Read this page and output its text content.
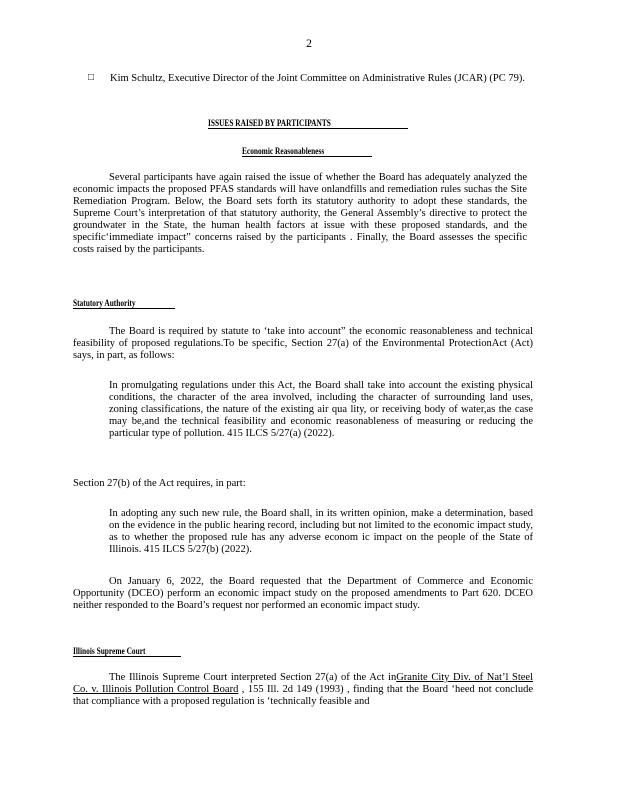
2
□ Kim Schultz, Executive Director of the Joint Committee on Administrative Rules (JCAR) (PC 79).
ISSUES RAISED BY PARTICIPANTS
Economic Reasonableness
Several participants have again raised the issue of whether the Board has adequately analyzed the economic impacts the proposed PFAS standards will have onlandfills and remediation rules suchas the Site Remediation Program. Below, the Board sets forth its statutory authority to adopt these standards, the Supreme Court’s interpretation of that statutory authority, the General Assembly’s directive to protect the groundwater in the State, the human health factors at issue with these proposed standards, and the specific‘immediate impact” concerns raised by the participants . Finally, the Board assesses the specific costs raised by the participants.
Statutory Authority
The Board is required by statute to ‘take into account” the economic reasonableness and technical feasibility of proposed regulations.To be specific, Section 27(a) of the Environmental ProtectionAct (Act) says, in part, as follows:
In promulgating regulations under this Act, the Board shall take into account the existing physical conditions, the character of the area involved, including the character of surrounding land uses, zoning classifications, the nature of the existing air qua lity, or receiving body of water,as the case may be,and the technical feasibility and economic reasonableness of measuring or reducing the particular type of pollution. 415 ILCS 5/27(a) (2022).
Section 27(b) of the Act requires, in part:
In adopting any such new rule, the Board shall, in its written opinion, make a determination, based on the evidence in the public hearing record, including but not limited to the economic impact study, as to whether the proposed rule has any adverse econom ic impact on the people of the State of Illinois. 415 ILCS 5/27(b) (2022).
On January 6, 2022, the Board requested that the Department of Commerce and Economic Opportunity (DCEO) perform an economic impact study on the proposed amendments to Part 620. DCEO neither responded to the Board’s request nor performed an economic impact study.
Illinois Supreme Court
The Illinois Supreme Court interpreted Section 27(a) of the Act inGranite City Div. of Nat’l Steel Co. v. Illinois Pollution Control Board , 155 Ill. 2d 149 (1993) , finding that the Board ‘heed not conclude that compliance with a proposed regulation is ‘technically feasible and
